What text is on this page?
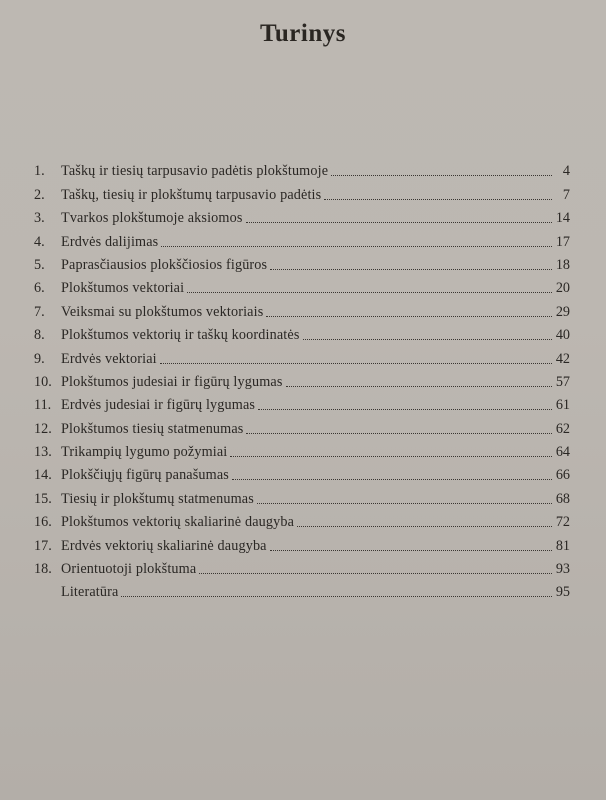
Turinys
1.	Taškų ir tiesių tarpusavio padėtis plokštumoje	4
2.	Taškų, tiesių ir plokštumų tarpusavio padėtis	7
3.	Tvarkos plokštumoje aksiomos	14
4.	Erdvės dalijimas	17
5.	Paprasčiausios plokščiosios figūros	18
6.	Plokštumos vektoriai	20
7.	Veiksmai su plokštumos vektoriais	29
8.	Plokštumos vektorių ir taškų koordinatės	40
9.	Erdvės vektoriai	42
10. Plokštumos judesiai ir figūrų lygumas	57
11. Erdvės judesiai ir figūrų lygumas	61
12. Plokštumos tiesių statmenumas	62
13. Trikampių lygumo požymiai	64
14. Plokščiųjų figūrų panašumas	66
15. Tiesių ir plokštumų statmenumas	68
16. Plokštumos vektorių skaliarinė daugyba	72
17. Erdvės vektorių skaliarinė daugyba	81
18. Orientuotoji plokštuma	93
Literatūra	95
